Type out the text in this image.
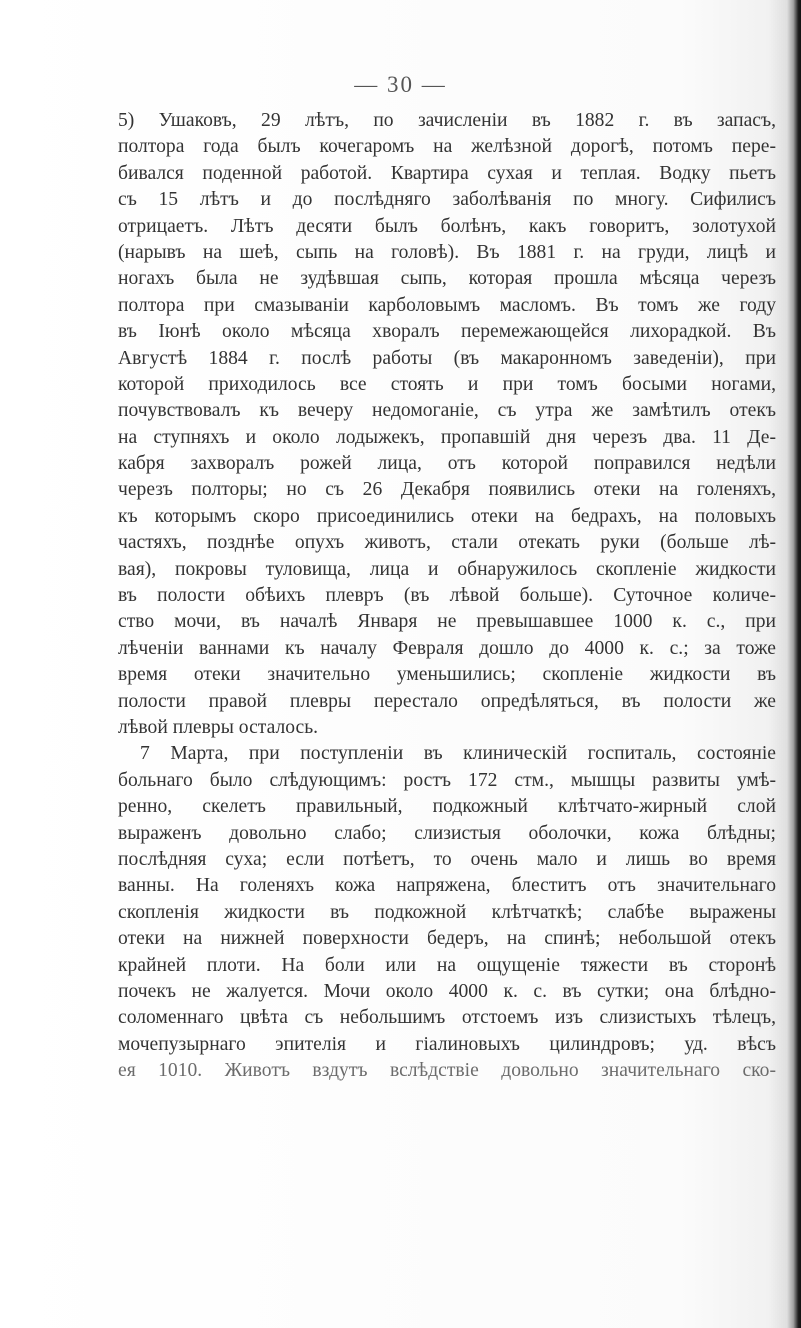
— 30 —
5) Ушаковъ, 29 лѣтъ, по зачисленіи въ 1882 г. въ запасъ,
полтора года былъ кочегаромъ на желѣзной дорогѣ, потомъ пере-
бивался поденной работой. Квартира сухая и теплая. Водку пьетъ
съ 15 лѣтъ и до послѣдняго заболѣванія по многу. Сифилисъ
отрицаетъ. Лѣтъ десяти былъ болѣнъ, какъ говоритъ, золотухой
(нарывъ на шеѣ, сыпь на головѣ). Въ 1881 г. на груди, лицѣ и
ногахъ была не зудѣвшая сыпь, которая прошла мѣсяца черезъ
полтора при смазываніи карболовымъ масломъ. Въ томъ же году
въ Іюнѣ около мѣсяца хворалъ перемежающейся лихорадкой. Въ
Августѣ 1884 г. послѣ работы (въ макаронномъ заведеніи), при
которой приходилось все стоять и при томъ босыми ногами,
почувствовалъ къ вечеру недомоганіе, съ утра же замѣтилъ отекъ
на ступняхъ и около лодыжекъ, пропавшій дня черезъ два. 11 Де-
кабря захворалъ рожей лица, отъ которой поправился недѣли
черезъ полторы; но съ 26 Декабря появились отеки на голеняхъ,
къ которымъ скоро присоединились отеки на бедрахъ, на половыхъ
частяхъ, позднѣе опухъ животъ, стали отекать руки (больше лѣ-
вая), покровы туловища, лица и обнаружилось скопленіе жидкости
въ полости обѣихъ плевръ (въ лѣвой больше). Суточное количе-
ство мочи, въ началѣ Января не превышавшее 1000 к. с., при
лѣченіи ваннами къ началу Февраля дошло до 4000 к. с.; за тоже
время отеки значительно уменьшились; скопленіе жидкости въ
полости правой плевры перестало опредѣляться, въ полости же
лѣвой плевры осталось.
7 Марта, при поступленіи въ клиническій госпиталь, состояніе
больнаго было слѣдующимъ: ростъ 172 стм., мышцы развиты умѣ-
ренно, скелетъ правильный, подкожный клѣтчато-жирный слой
выраженъ довольно слабо; слизистыя оболочки, кожа блѣдны;
послѣдняя суха; если потѣетъ, то очень мало и лишь во время
ванны. На голеняхъ кожа напряжена, блеститъ отъ значительнаго
скопленія жидкости въ подкожной клѣтчаткѣ; слабѣе выражены
отеки на нижней поверхности бедеръ, на спинѣ; небольшой отекъ
крайней плоти. На боли или на ощущеніе тяжести въ сторонѣ
почекъ не жалуется. Мочи около 4000 к. с. въ сутки; она блѣдно-
соломеннаго цвѣта съ небольшимъ отстоемъ изъ слизистыхъ тѣлецъ,
мочепузырнаго эпителія и гіалиновыхъ цилиндровъ; уд. вѣсъ
ея 1010. Животъ вздутъ вслѣдствіе довольно значительнаго ско-
